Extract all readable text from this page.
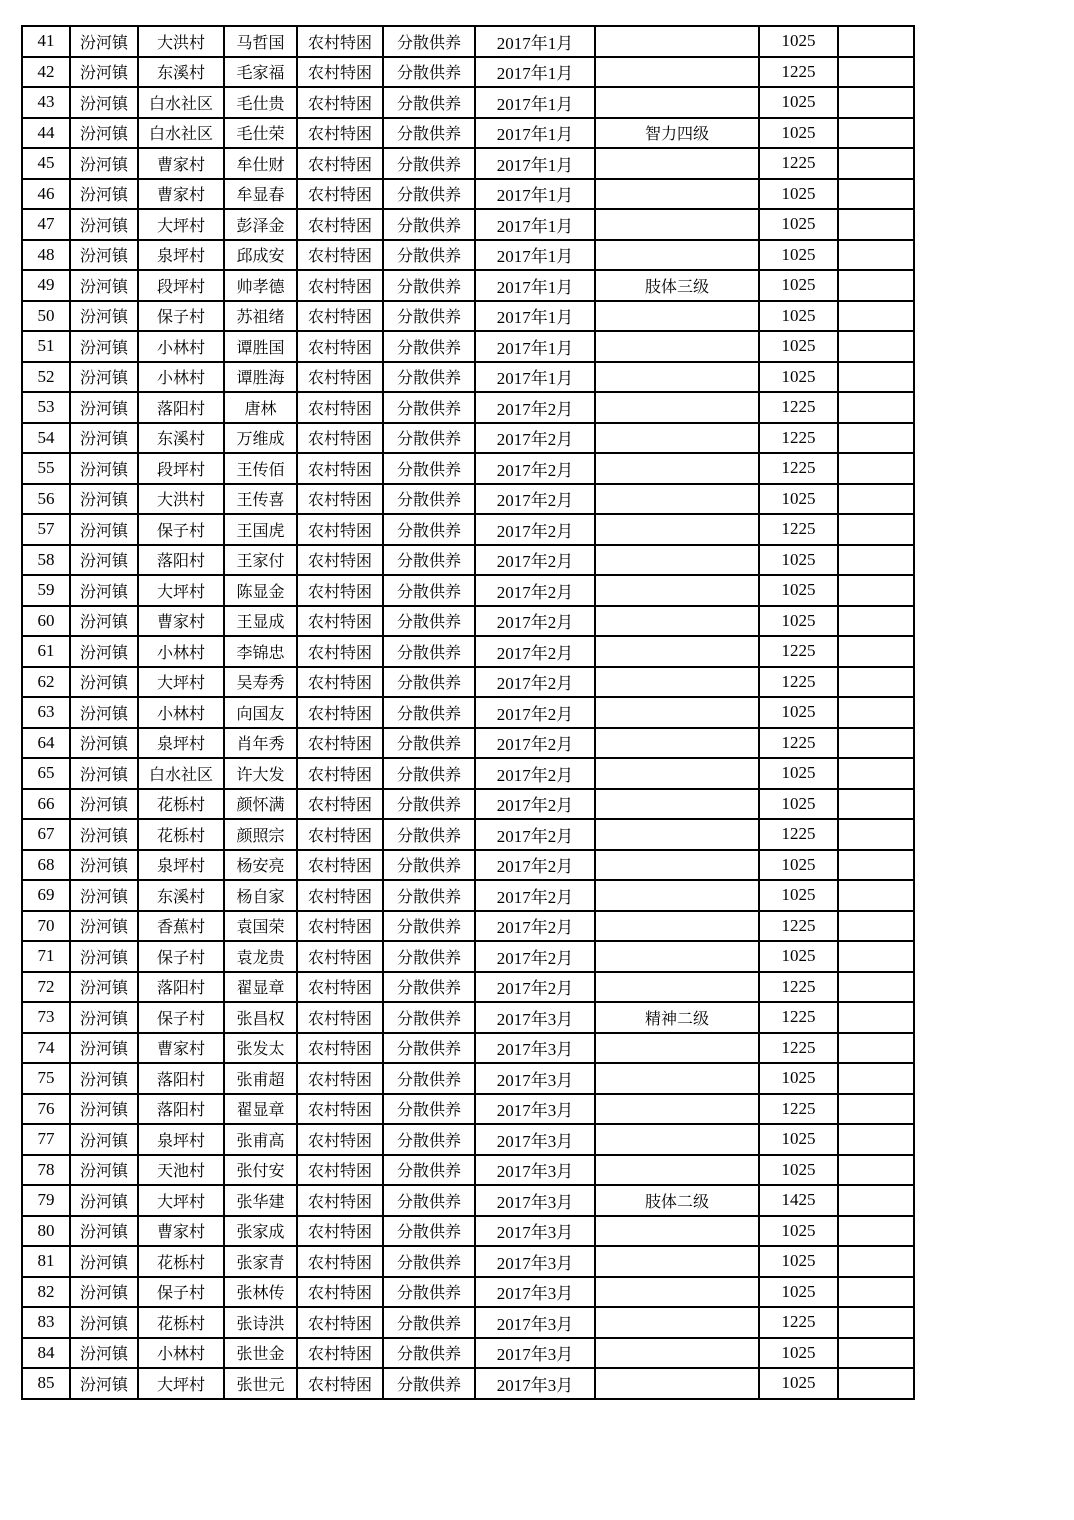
41	汾河镇	大洪村	马哲国	农村特困	分散供养	2017年1月		1025	
42	汾河镇	东溪村	毛家福	农村特困	分散供养	2017年1月		1225	
43	汾河镇	白水社区	毛仕贵	农村特困	分散供养	2017年1月		1025	
44	汾河镇	白水社区	毛仕荣	农村特困	分散供养	2017年1月	智力四级	1025	
45	汾河镇	曹家村	牟仕财	农村特困	分散供养	2017年1月		1225	
46	汾河镇	曹家村	牟显春	农村特困	分散供养	2017年1月		1025	
47	汾河镇	大坪村	彭泽金	农村特困	分散供养	2017年1月		1025	
48	汾河镇	泉坪村	邱成安	农村特困	分散供养	2017年1月		1025	
49	汾河镇	段坪村	帅孝德	农村特困	分散供养	2017年1月	肢体三级	1025	
50	汾河镇	保子村	苏祖绪	农村特困	分散供养	2017年1月		1025	
51	汾河镇	小林村	谭胜国	农村特困	分散供养	2017年1月		1025	
52	汾河镇	小林村	谭胜海	农村特困	分散供养	2017年1月		1025	
53	汾河镇	落阳村	唐林	农村特困	分散供养	2017年2月		1225	
54	汾河镇	东溪村	万维成	农村特困	分散供养	2017年2月		1225	
55	汾河镇	段坪村	王传佰	农村特困	分散供养	2017年2月		1225	
56	汾河镇	大洪村	王传喜	农村特困	分散供养	2017年2月		1025	
57	汾河镇	保子村	王国虎	农村特困	分散供养	2017年2月		1225	
58	汾河镇	落阳村	王家付	农村特困	分散供养	2017年2月		1025	
59	汾河镇	大坪村	陈显金	农村特困	分散供养	2017年2月		1025	
60	汾河镇	曹家村	王显成	农村特困	分散供养	2017年2月		1025	
61	汾河镇	小林村	李锦忠	农村特困	分散供养	2017年2月		1225	
62	汾河镇	大坪村	吴寿秀	农村特困	分散供养	2017年2月		1225	
63	汾河镇	小林村	向国友	农村特困	分散供养	2017年2月		1025	
64	汾河镇	泉坪村	肖年秀	农村特困	分散供养	2017年2月		1225	
65	汾河镇	白水社区	许大发	农村特困	分散供养	2017年2月		1025	
66	汾河镇	花栎村	颜怀满	农村特困	分散供养	2017年2月		1025	
67	汾河镇	花栎村	颜照宗	农村特困	分散供养	2017年2月		1225	
68	汾河镇	泉坪村	杨安亮	农村特困	分散供养	2017年2月		1025	
69	汾河镇	东溪村	杨自家	农村特困	分散供养	2017年2月		1025	
70	汾河镇	香蕉村	袁国荣	农村特困	分散供养	2017年2月		1225	
71	汾河镇	保子村	袁龙贵	农村特困	分散供养	2017年2月		1025	
72	汾河镇	落阳村	翟显章	农村特困	分散供养	2017年2月		1225	
73	汾河镇	保子村	张昌权	农村特困	分散供养	2017年3月	精神二级	1225	
74	汾河镇	曹家村	张发太	农村特困	分散供养	2017年3月		1225	
75	汾河镇	落阳村	张甫超	农村特困	分散供养	2017年3月		1025	
76	汾河镇	落阳村	翟显章	农村特困	分散供养	2017年3月		1225	
77	汾河镇	泉坪村	张甫高	农村特困	分散供养	2017年3月		1025	
78	汾河镇	天池村	张付安	农村特困	分散供养	2017年3月		1025	
79	汾河镇	大坪村	张华建	农村特困	分散供养	2017年3月	肢体二级	1425	
80	汾河镇	曹家村	张家成	农村特困	分散供养	2017年3月		1025	
81	汾河镇	花栎村	张家青	农村特困	分散供养	2017年3月		1025	
82	汾河镇	保子村	张林传	农村特困	分散供养	2017年3月		1025	
83	汾河镇	花栎村	张诗洪	农村特困	分散供养	2017年3月		1225	
84	汾河镇	小林村	张世金	农村特困	分散供养	2017年3月		1025	
85	汾河镇	大坪村	张世元	农村特困	分散供养	2017年3月		1025	
